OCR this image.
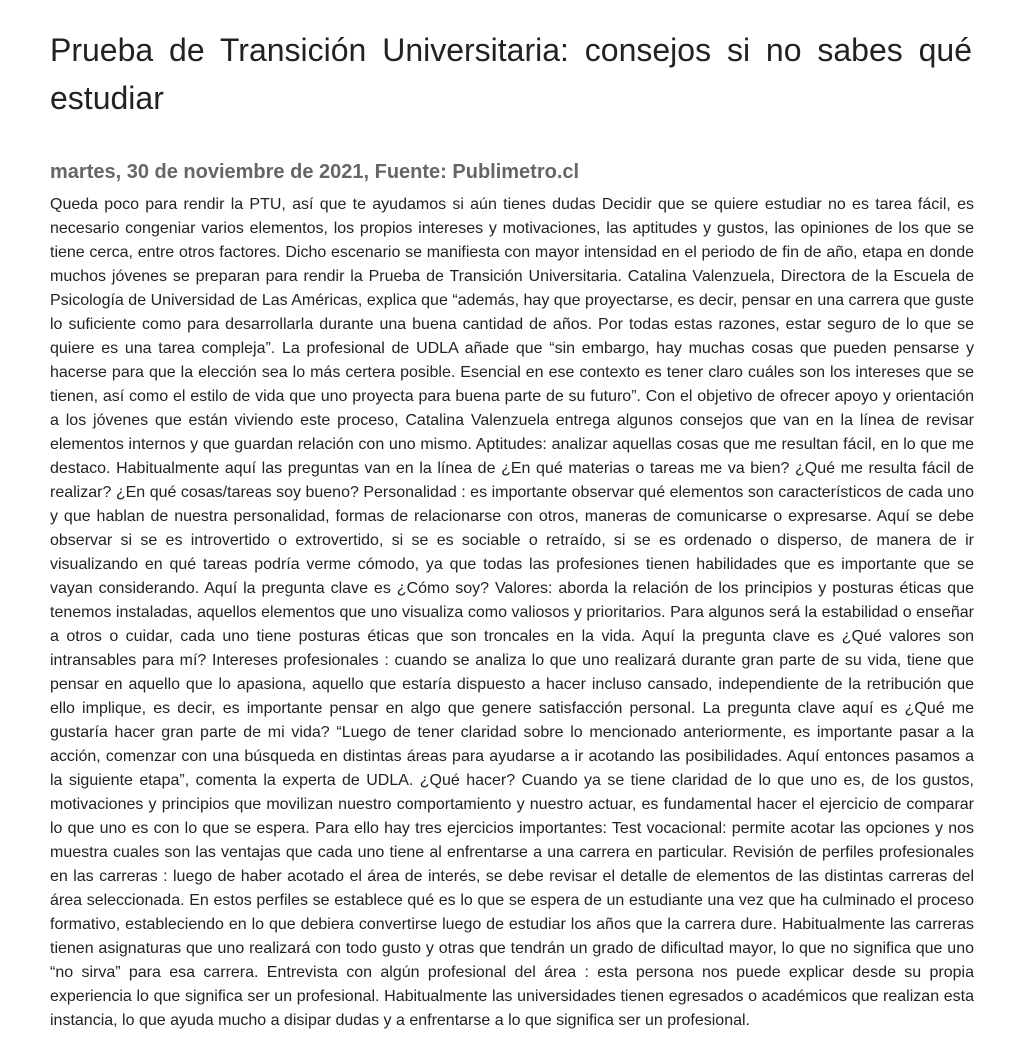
Prueba de Transición Universitaria: consejos si no sabes qué estudiar
martes, 30 de noviembre de 2021, Fuente: Publimetro.cl

Queda poco para rendir la PTU, así que te ayudamos si aún tienes dudas Decidir que se quiere estudiar no es tarea fácil, es necesario congeniar varios elementos, los propios intereses y motivaciones, las aptitudes y gustos, las opiniones de los que se tiene cerca, entre otros factores. Dicho escenario se manifiesta con mayor intensidad en el periodo de fin de año, etapa en donde muchos jóvenes se preparan para rendir la Prueba de Transición Universitaria. Catalina Valenzuela, Directora de la Escuela de Psicología de Universidad de Las Américas, explica que “además, hay que proyectarse, es decir, pensar en una carrera que guste lo suficiente como para desarrollarla durante una buena cantidad de años. Por todas estas razones, estar seguro de lo que se quiere es una tarea compleja”. La profesional de UDLA añade que “sin embargo, hay muchas cosas que pueden pensarse y hacerse para que la elección sea lo más certera posible. Esencial en ese contexto es tener claro cuáles son los intereses que se tienen, así como el estilo de vida que uno proyecta para buena parte de su futuro”. Con el objetivo de ofrecer apoyo y orientación a los jóvenes que están viviendo este proceso, Catalina Valenzuela entrega algunos consejos que van en la línea de revisar elementos internos y que guardan relación con uno mismo. Aptitudes: analizar aquellas cosas que me resultan fácil, en lo que me destaco. Habitualmente aquí las preguntas van en la línea de ¿En qué materias o tareas me va bien? ¿Qué me resulta fácil de realizar? ¿En qué cosas/tareas soy bueno? Personalidad : es importante observar qué elementos son característicos de cada uno y que hablan de nuestra personalidad, formas de relacionarse con otros, maneras de comunicarse o expresarse. Aquí se debe observar si se es introvertido o extrovertido, si se es sociable o retraído, si se es ordenado o disperso, de manera de ir visualizando en qué tareas podría verme cómodo, ya que todas las profesiones tienen habilidades que es importante que se vayan considerando. Aquí la pregunta clave es ¿Cómo soy? Valores: aborda la relación de los principios y posturas éticas que tenemos instaladas, aquellos elementos que uno visualiza como valiosos y prioritarios. Para algunos será la estabilidad o enseñar a otros o cuidar, cada uno tiene posturas éticas que son troncales en la vida. Aquí la pregunta clave es ¿Qué valores son intransables para mí? Intereses profesionales : cuando se analiza lo que uno realizará durante gran parte de su vida, tiene que pensar en aquello que lo apasiona, aquello que estaría dispuesto a hacer incluso cansado, independiente de la retribución que ello implique, es decir, es importante pensar en algo que genere satisfacción personal. La pregunta clave aquí es ¿Qué me gustaría hacer gran parte de mi vida? “Luego de tener claridad sobre lo mencionado anteriormente, es importante pasar a la acción, comenzar con una búsqueda en distintas áreas para ayudarse a ir acotando las posibilidades. Aquí entonces pasamos a la siguiente etapa”, comenta la experta de UDLA. ¿Qué hacer? Cuando ya se tiene claridad de lo que uno es, de los gustos, motivaciones y principios que movilizan nuestro comportamiento y nuestro actuar, es fundamental hacer el ejercicio de comparar lo que uno es con lo que se espera. Para ello hay tres ejercicios importantes: Test vocacional: permite acotar las opciones y nos muestra cuales son las ventajas que cada uno tiene al enfrentarse a una carrera en particular. Revisión de perfiles profesionales en las carreras : luego de haber acotado el área de interés, se debe revisar el detalle de elementos de las distintas carreras del área seleccionada. En estos perfiles se establece qué es lo que se espera de un estudiante una vez que ha culminado el proceso formativo, estableciendo en lo que debiera convertirse luego de estudiar los años que la carrera dure. Habitualmente las carreras tienen asignaturas que uno realizará con todo gusto y otras que tendrán un grado de dificultad mayor, lo que no significa que uno “no sirva” para esa carrera. Entrevista con algún profesional del área : esta persona nos puede explicar desde su propia experiencia lo que significa ser un profesional. Habitualmente las universidades tienen egresados o académicos que realizan esta instancia, lo que ayuda mucho a disipar dudas y a enfrentarse a lo que significa ser un profesional.
